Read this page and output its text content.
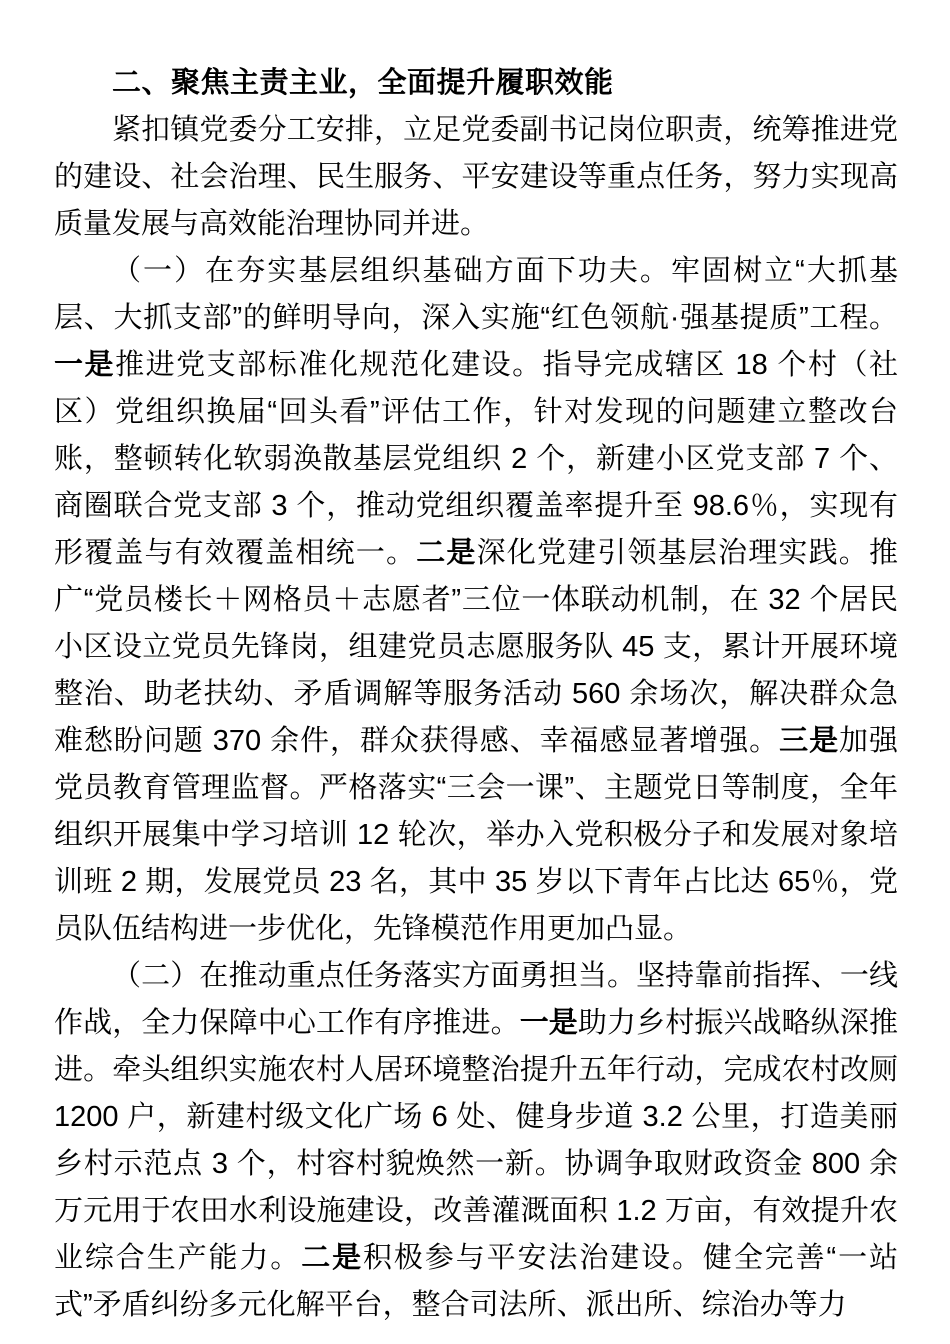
二、聚焦主责主业，全面提升履职效能

紧扣镇党委分工安排，立足党委副书记岗位职责，统筹推进党的建设、社会治理、民生服务、平安建设等重点任务，努力实现高质量发展与高效能治理协同并进。

（一）在夯实基层组织基础方面下功夫。牢固树立“大抓基层、大抓支部”的鲜明导向，深入实施“红色领航·强基提质”工程。一是推进党支部标准化规范化建设。指导完成辖区 18 个村（社区）党组织换届“回头看”评估工作，针对发现的问题建立整改台账，整顿转化软弱涣散基层党组织 2 个，新建小区党支部 7 个、商圈联合党支部 3 个，推动党组织覆盖率提升至 98.6％，实现有形覆盖与有效覆盖相统一。二是深化党建引领基层治理实践。推广“党员楼长＋网格员＋志愿者”三位一体联动机制，在 32 个居民小区设立党员先锋岗，组建党员志愿服务队 45 支，累计开展环境整治、助老扶幼、矛盾调解等服务活动 560 余场次，解决群众急难愁盼问题 370 余件，群众获得感、幸福感显著增强。三是加强党员教育管理监督。严格落实“三会一课”、主题党日等制度，全年组织开展集中学习培训 12 轮次，举办入党积极分子和发展对象培训班 2 期，发展党员 23 名，其中 35 岁以下青年占比达 65％，党员队伍结构进一步优化，先锋模范作用更加凸显。

（二）在推动重点任务落实方面勇担当。坚持靠前指挥、一线作战，全力保障中心工作有序推进。一是助力乡村振兴战略纵深推进。牵头组织实施农村人居环境整治提升五年行动，完成农村改厕 1200 户，新建村级文化广场 6 处、健身步道 3.2 公里，打造美丽乡村示范点 3 个，村容村貌焕然一新。协调争取财政资金 800 余万元用于农田水利设施建设，改善灌溉面积 1.2 万亩，有效提升农业综合生产能力。二是积极参与平安法治建设。健全完善“一站式”矛盾纠纷多元化解平台，整合司法所、派出所、综治办等力
